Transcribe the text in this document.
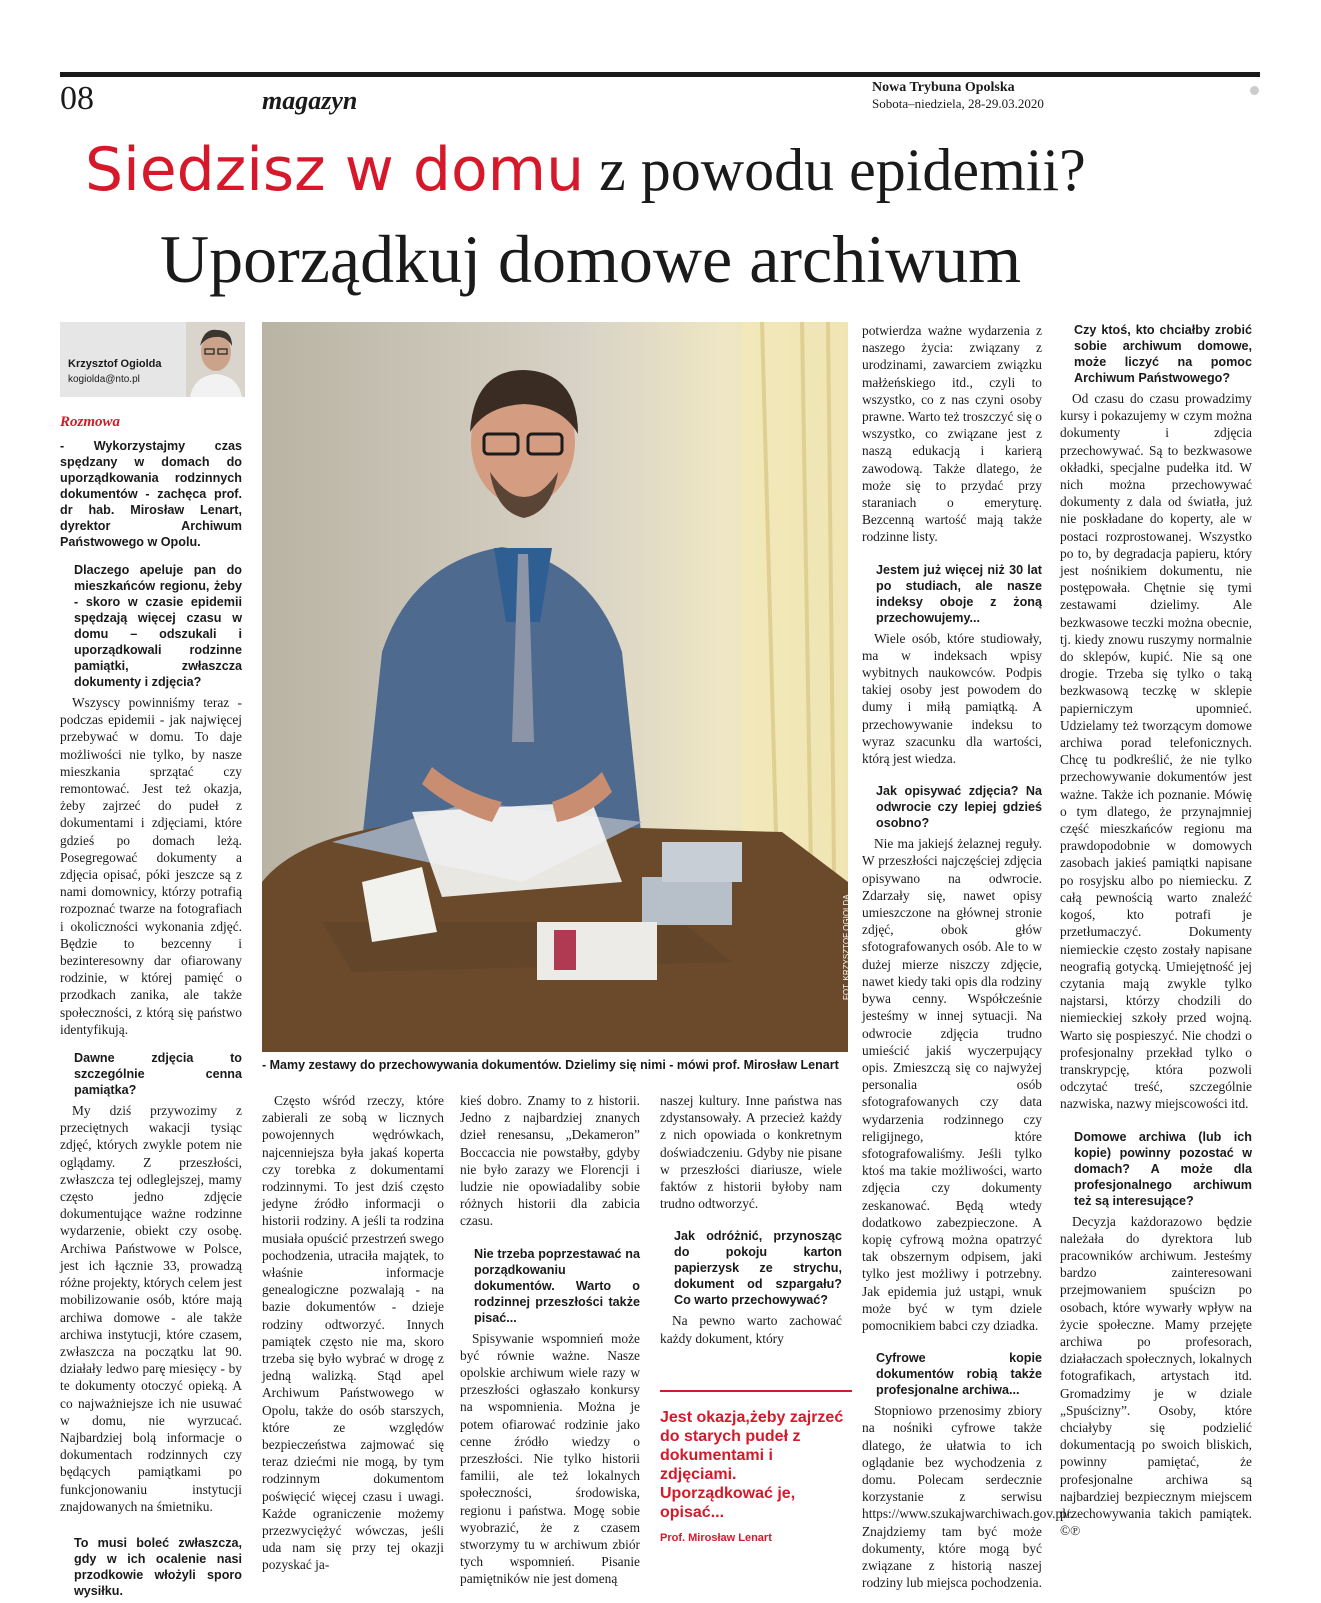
08	magazyn	Nowa Trybuna Opolska
Sobota–niedziela, 28-29.03.2020
Siedzisz w domu z powodu epidemii?
Uporządkuj domowe archiwum
Krzysztof Ogiolda
kogiolda@nto.pl
Rozmowa

- Wykorzystajmy czas spędzany w domach do uporządkowania rodzinnych dokumentów - zachęca prof. dr hab. Mirosław Lenart, dyrektor Archiwum Państwowego w Opolu.

Dlaczego apeluje pan do mieszkańców regionu, żeby - skoro w czasie epidemii spędzają więcej czasu w domu – odszukali i uporządkowali rodzinne pamiątki, zwłaszcza dokumenty i zdjęcia?

Wszyscy powinniśmy teraz - podczas epidemii - jak najwięcej przebywać w domu. To daje możliwości nie tylko, by nasze mieszkania sprzątać czy remontować. Jest też okazja, żeby zajrzeć do pudeł z dokumentami i zdjęciami, które gdzieś po domach leżą. Posegregować dokumenty a zdjęcia opisać, póki jeszcze są z nami domownicy, którzy potrafią rozpoznać twarze na fotografiach i okoliczności wykonania zdjęć. Będzie to bezcenny i bezinteresowny dar ofiarowany rodzinie, w której pamięć o przodkach zanika, ale także społeczności, z którą się państwo identyfikują.

Dawne zdjęcia to szczególnie cenna pamiątka?

My dziś przywozimy z przeciętnych wakacji tysiąc zdjęć, których zwykle potem nie oglądamy. Z przeszłości, zwłaszcza tej odleglejszej, mamy często jedno zdjęcie dokumentujące ważne rodzinne wydarzenie, obiekt czy osobę. Archiwa Państwowe w Polsce, jest ich łącznie 33, prowadzą różne projekty, których celem jest mobilizowanie osób, które mają archiwa domowe - ale także archiwa instytucji, które czasem, zwłaszcza na początku lat 90. działały ledwo parę miesięcy - by te dokumenty otoczyć opieką. A co najważniejsze ich nie usuwać w domu, nie wyrzucać. Najbardziej bolą informacje o dokumentach rodzinnych czy będących pamiątkami po funkcjonowaniu instytucji znajdowanych na śmietniku.

To musi boleć zwłaszcza, gdy w ich ocalenie nasi przodkowie włożyli sporo wysiłku.

FOT. KRZYSZTOF OGIOLDA
- Mamy zestawy do przechowywania dokumentów. Dzielimy się nimi - mówi prof. Mirosław Lenart

Często wśród rzeczy, które zabierali ze sobą w licznych powojennych wędrówkach, najcenniejsza była jakaś koperta czy torebka z dokumentami rodzinnymi. To jest dziś często jedyne źródło informacji o historii rodziny. A jeśli ta rodzina musiała opuścić przestrzeń swego pochodzenia, utraciła majątek, to właśnie informacje genealogiczne pozwalają - na bazie dokumentów - dzieje rodziny odtworzyć. Innych pamiątek często nie ma, skoro trzeba się było wybrać w drogę z jedną walizką. Stąd apel Archiwum Państwowego w Opolu, także do osób starszych, które ze względów bezpieczeństwa zajmować się teraz dziećmi nie mogą, by tym rodzinnym dokumentom poświęcić więcej czasu i uwagi. Każde ograniczenie możemy przezwyciężyć wówczas, jeśli uda nam się przy tej okazji pozyskać ja-

kieś dobro. Znamy to z historii. Jedno z najbardziej znanych dzieł renesansu, „Dekameron” Boccaccia nie powstałby, gdyby nie było zarazy we Florencji i ludzie nie opowiadaliby sobie różnych historii dla zabicia czasu.

Nie trzeba poprzestawać na porządkowaniu dokumentów. Warto o rodzinnej przeszłości także pisać...

Spisywanie wspomnień może być równie ważne. Nasze opolskie archiwum wiele razy w przeszłości ogłaszało konkursy na wspomnienia. Można je potem ofiarować rodzinie jako cenne źródło wiedzy o przeszłości. Nie tylko historii familii, ale też lokalnych społeczności, środowiska, regionu i państwa. Mogę sobie wyobrazić, że z czasem stworzymy tu w archiwum zbiór tych wspomnień. Pisanie pamiętników nie jest domeną

naszej kultury. Inne państwa nas zdystansowały. A przecież każdy z nich opowiada o konkretnym doświadczeniu. Gdyby nie pisane w przeszłości diariusze, wiele faktów z historii byłoby nam trudno odtworzyć.

Jak odróżnić, przynosząc do pokoju karton papierzysk ze strychu, dokument od szpargału? Co warto przechowywać?

Na pewno warto zachować każdy dokument, który

Jest okazja,żeby zajrzeć do starych pudeł z dokumentami i zdjęciami. Uporządkować je, opisać...
Prof. Mirosław Lenart

potwierdza ważne wydarzenia z naszego życia: związany z urodzinami, zawarciem związku małżeńskiego itd., czyli to wszystko, co z nas czyni osoby prawne. Warto też troszczyć się o wszystko, co związane jest z naszą edukacją i karierą zawodową. Także dlatego, że może się to przydać przy staraniach o emeryturę. Bezcenną wartość mają także rodzinne listy.

Jestem już więcej niż 30 lat po studiach, ale nasze indeksy oboje z żoną przechowujemy...

Wiele osób, które studiowały, ma w indeksach wpisy wybitnych naukowców. Podpis takiej osoby jest powodem do dumy i miłą pamiątką. A przechowywanie indeksu to wyraz szacunku dla wartości, którą jest wiedza.

Jak opisywać zdjęcia? Na odwrocie czy lepiej gdzieś osobno?

Nie ma jakiejś żelaznej reguły. W przeszłości najczęściej zdjęcia opisywano na odwrocie. Zdarzały się, nawet opisy umieszczone na głównej stronie zdjęć, obok głów sfotografowanych osób. Ale to w dużej mierze niszczy zdjęcie, nawet kiedy taki opis dla rodziny bywa cenny. Współcześnie jesteśmy w innej sytuacji. Na odwrocie zdjęcia trudno umieścić jakiś wyczerpujący opis. Zmieszczą się co najwyżej personalia osób sfotografowanych czy data wydarzenia rodzinnego czy religijnego, które sfotografowaliśmy. Jeśli tylko ktoś ma takie możliwości, warto zdjęcia czy dokumenty zeskanować. Będą wtedy dodatkowo zabezpieczone. A kopię cyfrową można opatrzyć tak obszernym odpisem, jaki tylko jest możliwy i potrzebny. Jak epidemia już ustąpi, wnuk może być w tym dziele pomocnikiem babci czy dziadka.

Cyfrowe kopie dokumentów robią także profesjonalne archiwa...

Stopniowo przenosimy zbiory na nośniki cyfrowe także dlatego, że ułatwia to ich oglądanie bez wychodzenia z domu. Polecam serdecznie korzystanie z serwisu https://www.szukajwarchiwach.gov.pl/. Znajdziemy tam być może dokumenty, które mogą być związane z historią naszej rodziny lub miejsca pochodzenia.

Czy ktoś, kto chciałby zrobić sobie archiwum domowe, może liczyć na pomoc Archiwum Państwowego?

Od czasu do czasu prowadzimy kursy i pokazujemy w czym można dokumenty i zdjęcia przechowywać. Są to bezkwasowe okładki, specjalne pudełka itd. W nich można przechowywać dokumenty z dala od światła, już nie poskładane do koperty, ale w postaci rozprostowanej. Wszystko po to, by degradacja papieru, który jest nośnikiem dokumentu, nie postępowała. Chętnie się tymi zestawami dzielimy. Ale bezkwasowe teczki można obecnie, tj. kiedy znowu ruszymy normalnie do sklepów, kupić. Nie są one drogie. Trzeba się tylko o taką bezkwasową teczkę w sklepie papierniczym upomnieć. Udzielamy też tworzącym domowe archiwa porad telefonicznych. Chcę tu podkreślić, że nie tylko przechowywanie dokumentów jest ważne. Także ich poznanie. Mówię o tym dlatego, że przynajmniej część mieszkańców regionu ma prawdopodobnie w domowych zasobach jakieś pamiątki napisane po rosyjsku albo po niemiecku. Z całą pewnością warto znaleźć kogoś, kto potrafi je przetłumaczyć. Dokumenty niemieckie często zostały napisane neografią gotycką. Umiejętność jej czytania mają zwykle tylko najstarsi, którzy chodzili do niemieckiej szkoły przed wojną. Warto się pospieszyć. Nie chodzi o profesjonalny przekład tylko o transkrypcję, która pozwoli odczytać treść, szczególnie nazwiska, nazwy miejscowości itd.

Domowe archiwa (lub ich kopie) powinny pozostać w domach? A może dla profesjonalnego archiwum też są interesujące?

Decyzja każdorazowo będzie należała do dyrektora lub pracowników archiwum. Jesteśmy bardzo zainteresowani przejmowaniem spuścizn po osobach, które wywarły wpływ na życie społeczne. Mamy przejęte archiwa po profesorach, działaczach społecznych, lokalnych fotografikach, artystach itd. Gromadzimy je w dziale „Spuścizny”. Osoby, które chciałyby się podzielić dokumentacją po swoich bliskich, powinny pamiętać, że profesjonalne archiwa są najbardziej bezpiecznym miejscem przechowywania takich pamiątek. ©℗
